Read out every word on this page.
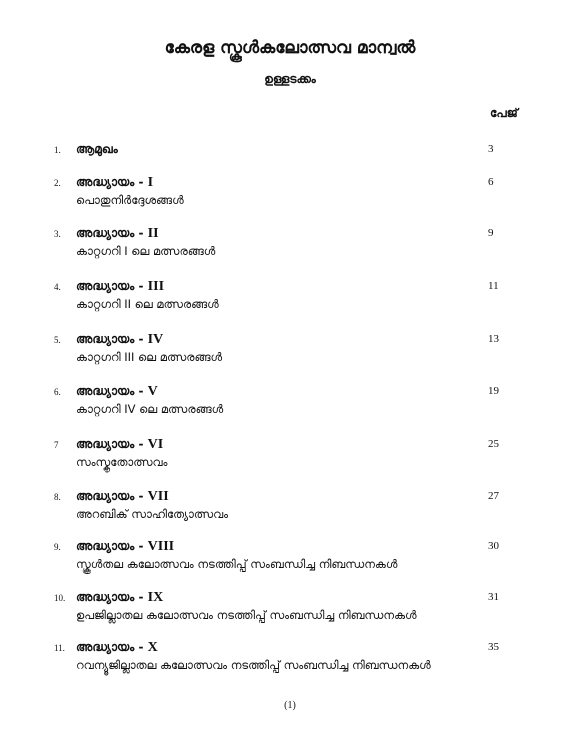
കേരള സ്കൂൾകലോത്സവ മാന്വൽ
ഉള്ളടക്കം
പേജ്
1. ആമുഖം	3
2. അദ്ധ്യായം - I
പൊതുനിർദ്ദേശങ്ങൾ
6
3. അദ്ധ്യായം - II
കാറ്റഗറി I ലെ മത്സരങ്ങൾ
9
4. അദ്ധ്യായം - III
കാറ്റഗറി II ലെ മത്സരങ്ങൾ
11
5. അദ്ധ്യായം - IV
കാറ്റഗറി III ലെ മത്സരങ്ങൾ
13
6. അദ്ധ്യായം - V
കാറ്റഗറി IV ലെ മത്സരങ്ങൾ
19
7 അദ്ധ്യായം - VI
സംസ്കൃതോത്സവം
25
8. അദ്ധ്യായം - VII
അറബിക് സാഹിത്യോത്സവം
27
9. അദ്ധ്യായം - VIII
സ്കൂൾതല കലോത്സവം നടത്തിപ്പ് സംബന്ധിച്ച നിബന്ധനകൾ
30
10. അദ്ധ്യായം - IX
ഉപജില്ലാതല കലോത്സവം നടത്തിപ്പ് സംബന്ധിച്ച നിബന്ധനകൾ
31
11. അദ്ധ്യായം - X
റവന്യൂജില്ലാതല കലോത്സവം നടത്തിപ്പ് സംബന്ധിച്ച നിബന്ധനകൾ
35
(1)
